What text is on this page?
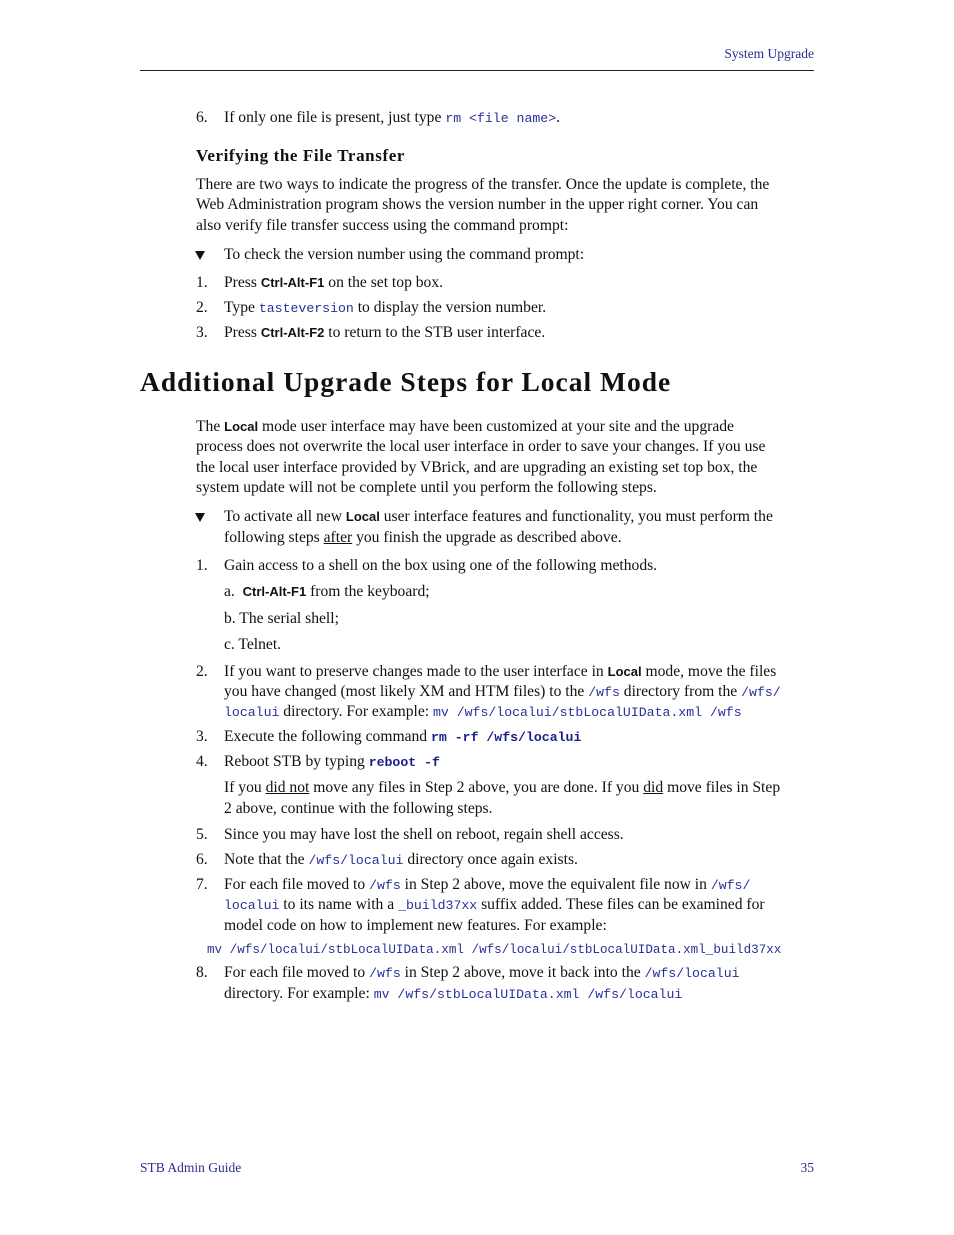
System Upgrade
6.	If only one file is present, just type rm <file name>.
Verifying the File Transfer
There are two ways to indicate the progress of the transfer. Once the update is complete, the
Web Administration program shows the version number in the upper right corner. You can
also verify file transfer success using the command prompt:
To check the version number using the command prompt:
1.	Press Ctrl-Alt-F1 on the set top box.
2.	Type tasteversion to display the version number.
3.	Press Ctrl-Alt-F2 to return to the STB user interface.
Additional Upgrade Steps for Local Mode
The Local mode user interface may have been customized at your site and the upgrade
process does not overwrite the local user interface in order to save your changes. If you use
the local user interface provided by VBrick, and are upgrading an existing set top box, the
system update will not be complete until you perform the following steps.
To activate all new Local user interface features and functionality, you must perform the
following steps after you finish the upgrade as described above.
1.	Gain access to a shell on the box using one of the following methods.
a. Ctrl-Alt-F1 from the keyboard;
b. The serial shell;
c. Telnet.
2.	If you want to preserve changes made to the user interface in Local mode, move the files
you have changed (most likely XM and HTM files) to the /wfs directory from the /wfs/
localui directory. For example: mv /wfs/localui/stbLocalUIData.xml /wfs
3.	Execute the following command rm -rf /wfs/localui
4.	Reboot STB by typing reboot -f
If you did not move any files in Step 2 above, you are done. If you did move files in Step
2 above, continue with the following steps.
5.	Since you may have lost the shell on reboot, regain shell access.
6.	Note that the /wfs/localui directory once again exists.
7.	For each file moved to /wfs in Step 2 above, move the equivalent file now in /wfs/
localui to its name with a _build37xx suffix added. These files can be examined for
model code on how to implement new features. For example:
mv /wfs/localui/stbLocalUIData.xml /wfs/localui/stbLocalUIData.xml_build37xx
8.	For each file moved to /wfs in Step 2 above, move it back into the /wfs/localui
directory. For example: mv /wfs/stbLocalUIData.xml /wfs/localui
STB Admin Guide	35
